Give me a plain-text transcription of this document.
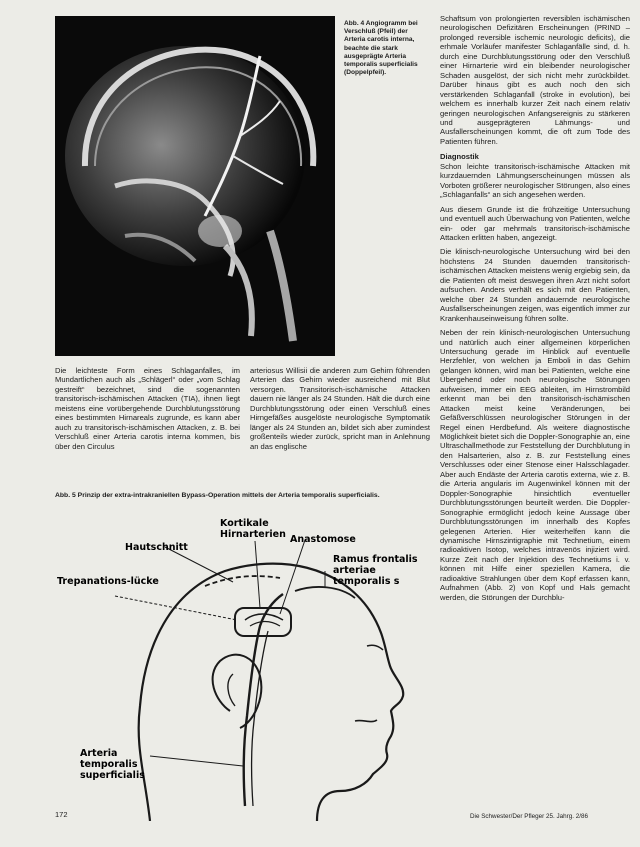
Abb. 4 Angiogramm bei Verschluß (Pfeil) der Arteria carotis interna, beachte die stark ausgeprägte Arteria temporalis superficialis (Doppelpfeil).

Schaftsum von prolongierten reversiblen ischämischen neurologischen Defizitären Erscheinungen (PRIND – prolonged reversible ischemic neurologic deficits), die erhmale Vorläufer manifester Schlaganfälle sind, d. h. durch eine Durchblutungsstörung oder den Verschluß einer Hirnarterie wird ein bleibender neurologischer Schaden ausgelöst, der sich nicht mehr zurückbildet. Darüber hinaus gibt es auch noch den sich verstärkenden Schlaganfall (stroke in evolution), bei welchem es innerhalb kurzer Zeit nach einem relativ geringen neurologischen Anfangsereignis zu stärkeren und ausgeprägteren Lähmungs- und Ausfallerscheinungen kommt, die oft zum Tode des Patienten führen.

Diagnostik

Schon leichte transitorisch-ischämische Attacken mit kurzdauernden Lähmungserscheinungen müssen als Vorboten größerer neurologischer Störungen, also eines „Schlaganfalls“ an sich angesehen werden.

Aus diesem Grunde ist die frühzeitige Untersuchung und eventuell auch Überwachung von Patienten, welche ein- oder gar mehrmals transitorisch-ischämische Attacken erlitten haben, angezeigt.

Die klinisch-neurologische Untersuchung wird bei den höchstens 24 Stunden dauernden transitorisch-ischämischen Attacken meistens wenig ergiebig sein, da die Patienten oft meist deswegen ihren Arzt nicht sofort aufsuchen. Anders verhält es sich mit den Patienten, welche über 24 Stunden andauernde neurologische Ausfallserscheinungen zeigen, was eigentlich immer zur Krankenhauseinweisung führen sollte.

Neben der rein klinisch-neurologischen Untersuchung und natürlich auch einer allgemeinen körperlichen Untersuchung gerade im Hinblick auf eventuelle Herzfehler, von welchen ja Emboli in das Gehirn gelangen können, wird man bei Patienten, welche eine Übergehend oder noch neurologische Störungen aufweisen, immer ein EEG ableiten, im Hirnstrombild erkennt man bei den transitorisch-ischämischen Attacken meist keine Veränderungen, bei Gefäßverschlüssen neurologischer Störungen in der Regel einen Herdbefund. Als weitere diagnostische Möglichkeit bietet sich die Doppler-Sonographie an, eine Ultraschallmethode zur Feststellung der Durchblutung in den Halsarterien, also z. B. zur Feststellung eines Verschlusses oder einer Stenose einer Halsschlagader. Aber auch Endäste der Arteria carotis externa, wie z. B. die Arteria angularis im Augenwinkel können mit der Doppler-Sonographie hinsichtlich eventueller Durchblutungsstörungen beurteilt werden. Die Doppler-Sonographie ermöglicht jedoch keine Aussage über Durchblutungsstörungen im innerhalb des Kopfes gelegenen Arterien. Hier weiterhelfen kann die dynamische Hirnszintigraphie mit Technetium, einem radioaktiven Isotop, welches intravenös injiziert wird. Kurze Zeit nach der Injektion des Technetiums i. v. können mit Hilfe einer speziellen Kamera, die radioaktive Strahlungen über dem Kopf erfassen kann, Aufnahmen (Abb. 2) von Kopf und Hals gemacht werden, die Störungen der Durchblu-

Die leichteste Form eines Schlaganfalles, im Mundartlichen auch als „Schlägerl“ oder „vom Schlag gestreift“ bezeichnet, sind die sogenannten transitorisch-ischämischen Attacken (TIA), ihnen liegt meistens eine vorübergehende Durchblutungsstörung eines bestimmten Hirnareals zugrunde, es kann aber auch zu transitorisch-ischämischen Attacken, z. B. bei Verschluß einer Arteria carotis interna kommen, bis über den Circulus
arteriosus Willisii die anderen zum Gehirn führenden Arterien das Gehirn wieder ausreichend mit Blut versorgen. Transitorisch-ischämische Attacken dauern nie länger als 24 Stunden. Hält die durch eine Durchblutungsstörung oder einen Verschluß eines Hirngefäßes ausgelöste neurologische Symptomatik länger als 24 Stunden an, bildet sich aber zumindest großenteils wieder zurück, spricht man in Anlehnung an das englische
Abb. 5 Prinzip der extra-intrakraniellen Bypass-Operation mittels der Arteria temporalis superficialis.
Kortikale Hirnarterien
Hautschnitt
Anastomose
Ramus frontalis arteriae temporalis s
Trepanations-lücke
Arteria temporalis superficialis
172	Die Schwester/Der Pfleger 25. Jahrg. 2/86
